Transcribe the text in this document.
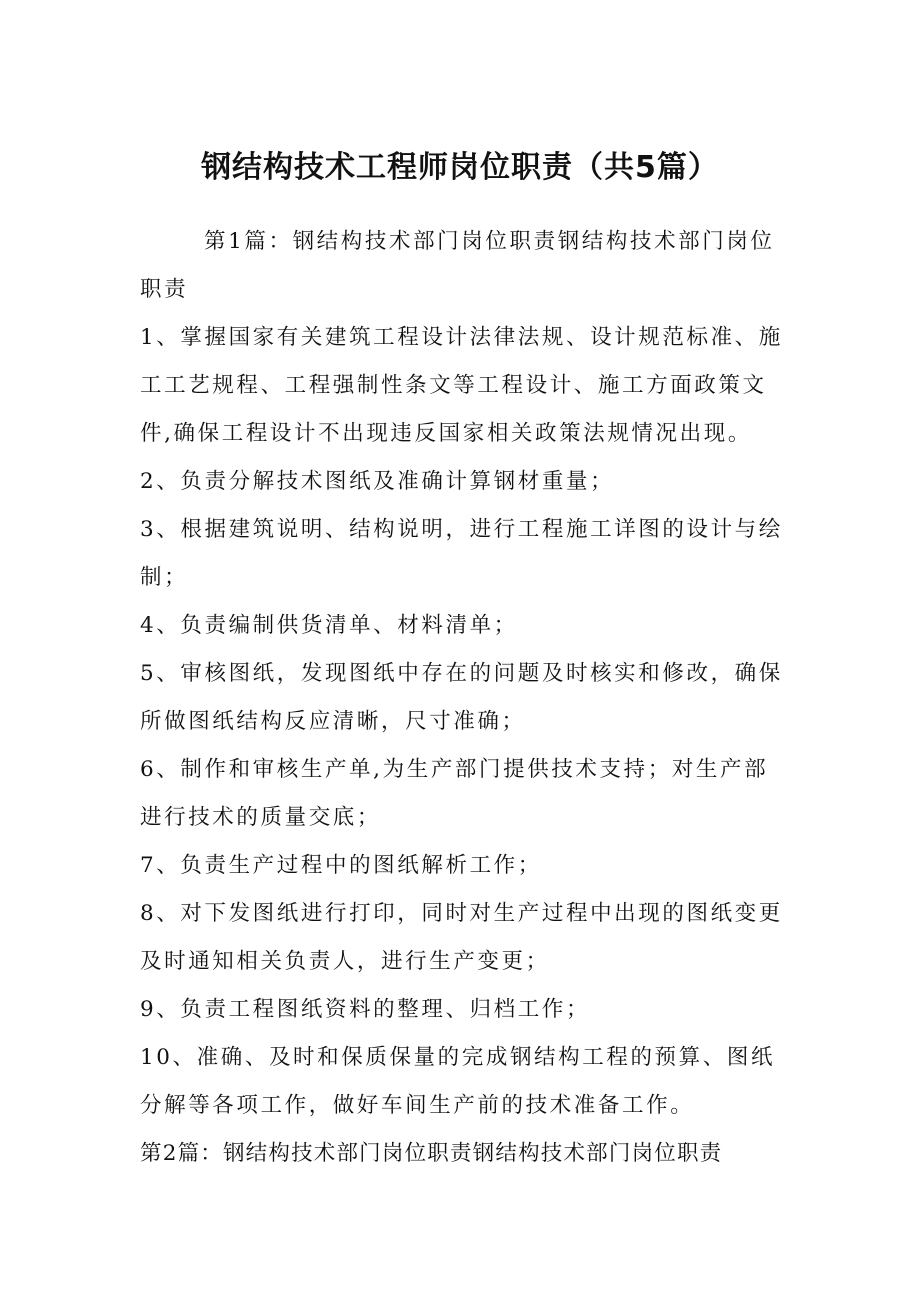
钢结构技术工程师岗位职责（共5篇）

第1篇：钢结构技术部门岗位职责钢结构技术部门岗位职责

1、掌握国家有关建筑工程设计法律法规、设计规范标准、施工工艺规程、工程强制性条文等工程设计、施工方面政策文件,确保工程设计不出现违反国家相关政策法规情况出现。

2、负责分解技术图纸及准确计算钢材重量；

3、根据建筑说明、结构说明，进行工程施工详图的设计与绘制；

4、负责编制供货清单、材料清单；

5、审核图纸，发现图纸中存在的问题及时核实和修改，确保所做图纸结构反应清晰，尺寸准确；

6、制作和审核生产单,为生产部门提供技术支持；对生产部进行技术的质量交底；

7、负责生产过程中的图纸解析工作；

8、对下发图纸进行打印，同时对生产过程中出现的图纸变更及时通知相关负责人，进行生产变更；

9、负责工程图纸资料的整理、归档工作；

10、准确、及时和保质保量的完成钢结构工程的预算、图纸分解等各项工作，做好车间生产前的技术准备工作。

第2篇：钢结构技术部门岗位职责钢结构技术部门岗位职责
